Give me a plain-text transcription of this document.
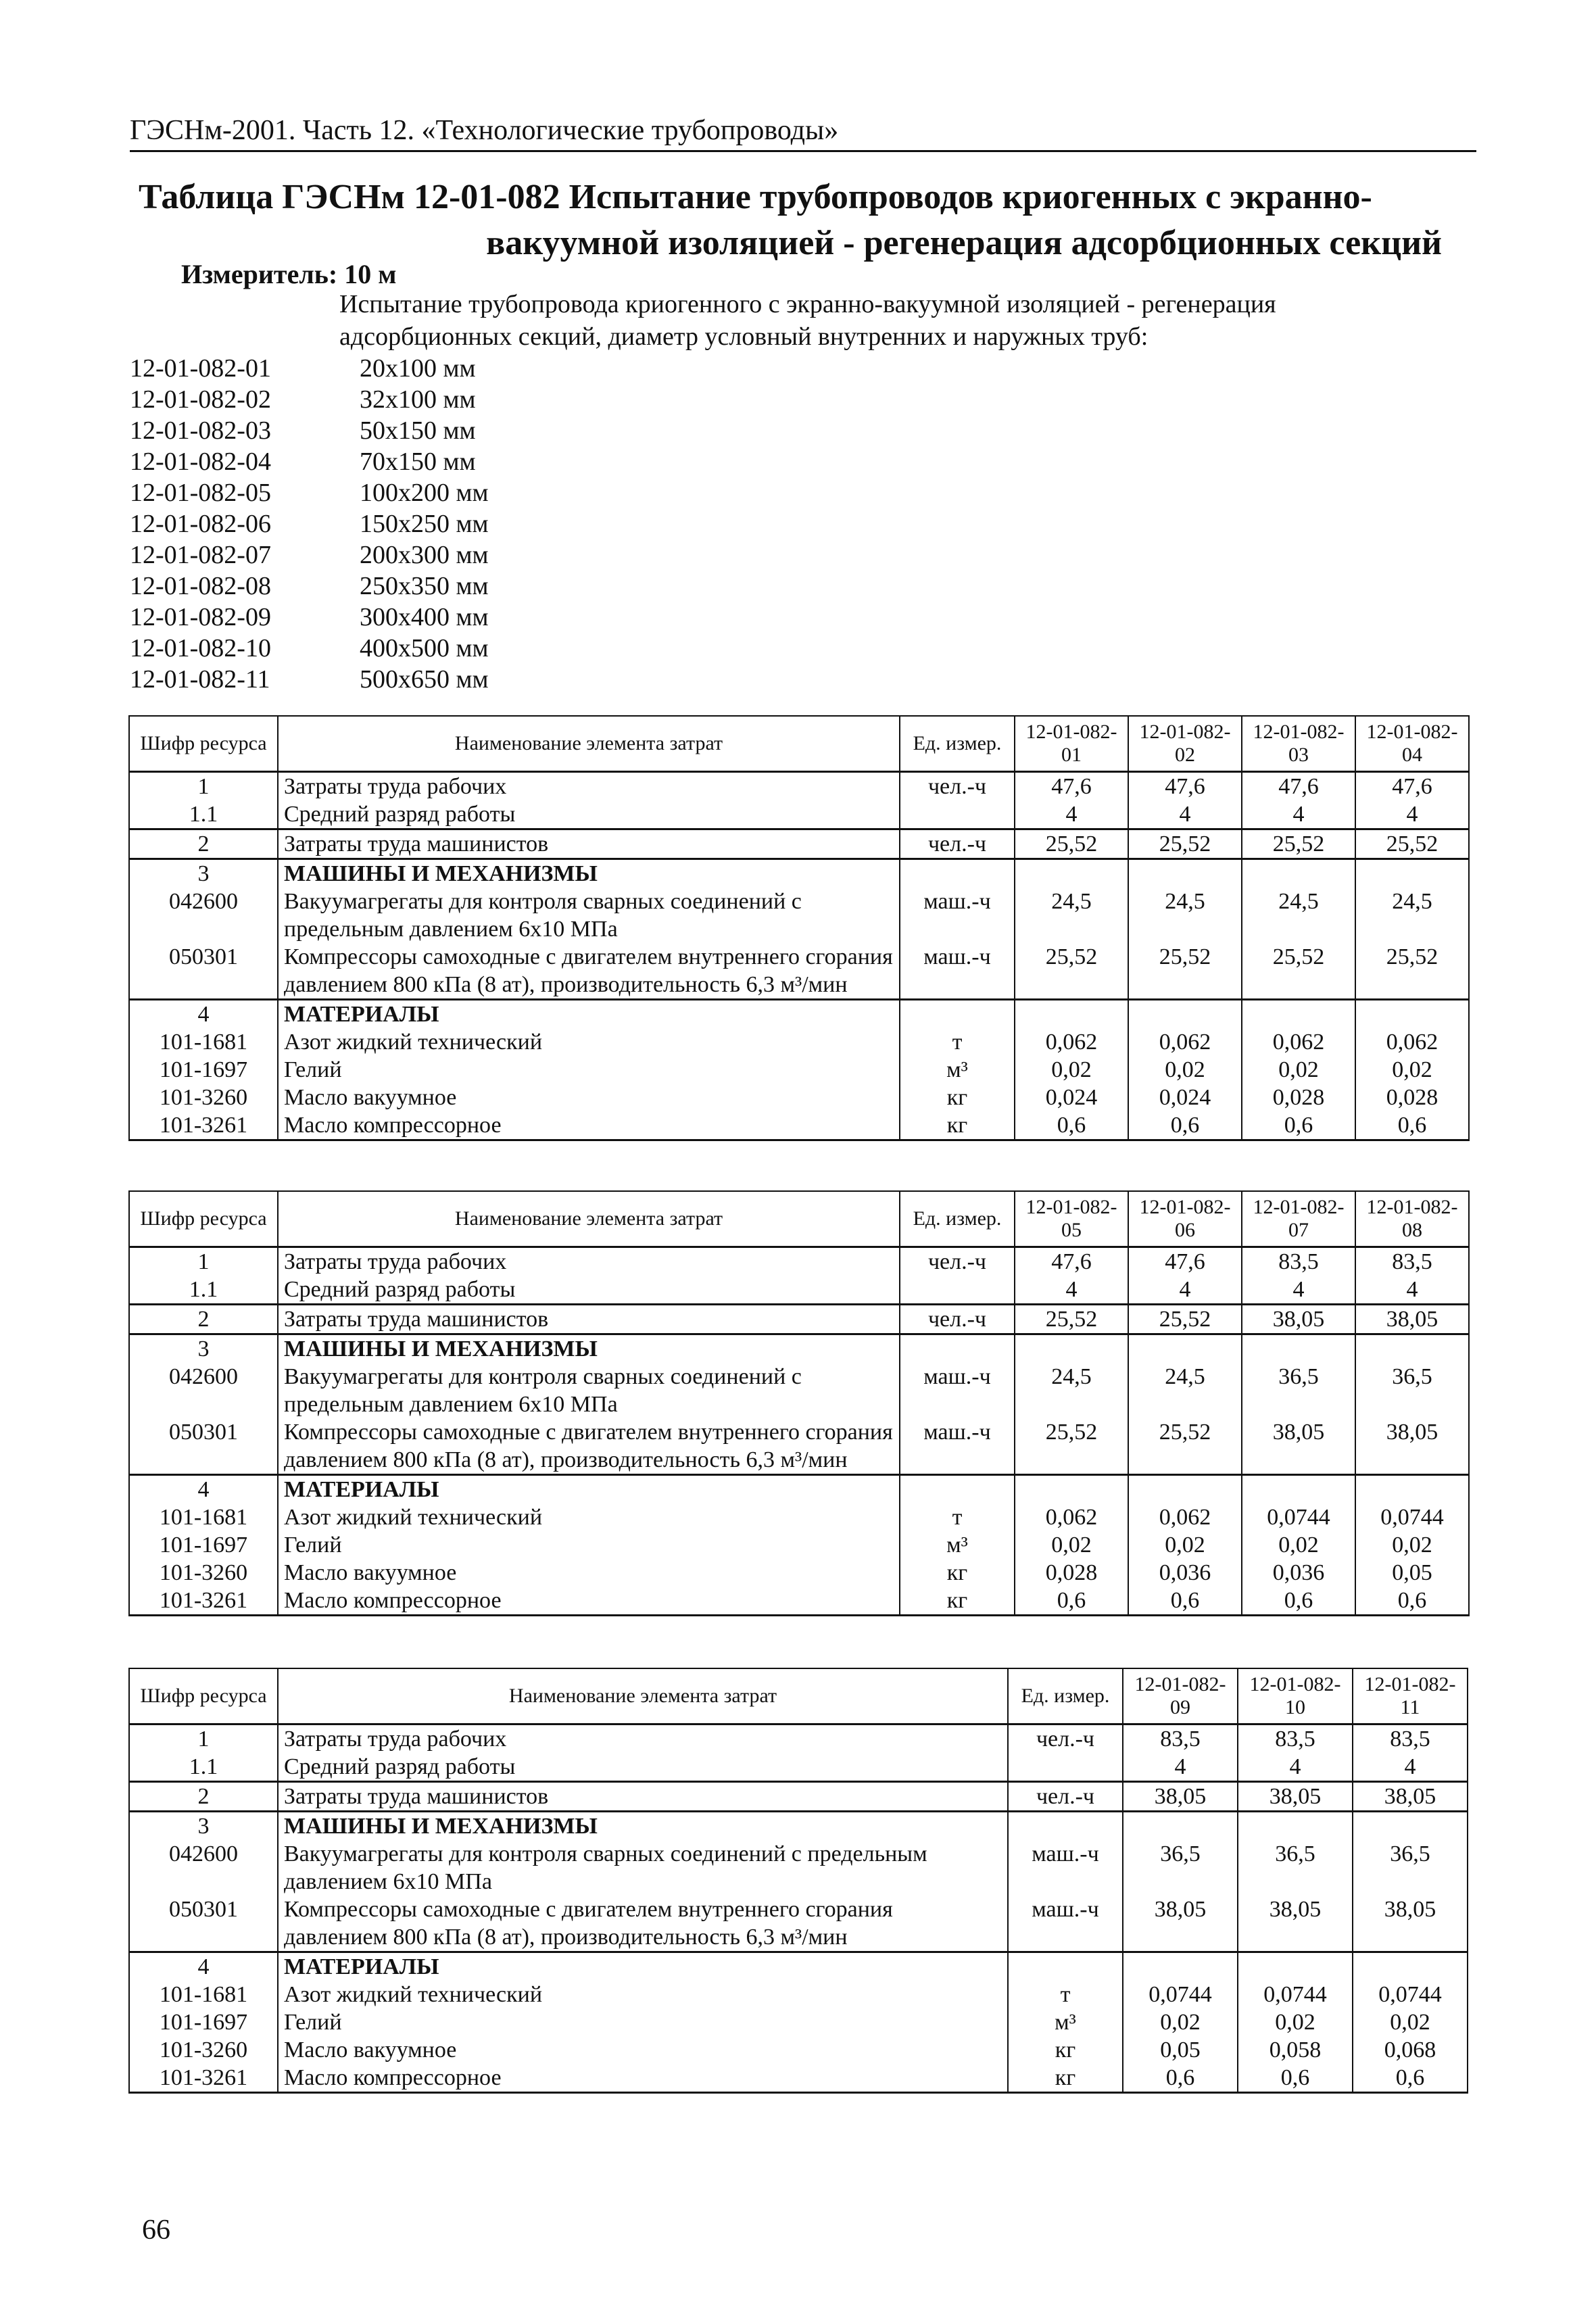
ГЭСНм-2001. Часть 12. «Технологические трубопроводы»
Таблица ГЭСНм 12-01-082 Испытание трубопроводов криогенных с экранно-
вакуумной изоляцией - регенерация адсорбционных секций
Измеритель: 10 м
Испытание трубопровода криогенного с экранно-вакуумной изоляцией - регенерация адсорбционных секций, диаметр условный внутренних и наружных труб:
12-01-082-01	20x100 мм
12-01-082-02	32x100 мм
12-01-082-03	50x150 мм
12-01-082-04	70x150 мм
12-01-082-05	100x200 мм
12-01-082-06	150x250 мм
12-01-082-07	200x300 мм
12-01-082-08	250x350 мм
12-01-082-09	300x400 мм
12-01-082-10	400x500 мм
12-01-082-11	500x650 мм
Шифр ресурса	Наименование элемента затрат	Ед. измер.	12-01-082-01	12-01-082-02	12-01-082-03	12-01-082-04
1	Затраты труда рабочих	чел.-ч	47,6	47,6	47,6	47,6
1.1	Средний разряд работы		4	4	4	4
2	Затраты труда машинистов	чел.-ч	25,52	25,52	25,52	25,52
3	МАШИНЫ И МЕХАНИЗМЫ					
042600	Вакуумагрегаты для контроля сварных соединений с предельным давлением 6x10 МПа	маш.-ч	24,5	24,5	24,5	24,5
050301	Компрессоры самоходные с двигателем внутреннего сгорания давлением 800 кПа (8 ат), производительность 6,3 м³/мин	маш.-ч	25,52	25,52	25,52	25,52
4	МАТЕРИАЛЫ					
101-1681	Азот жидкий технический	т	0,062	0,062	0,062	0,062
101-1697	Гелий	м³	0,02	0,02	0,02	0,02
101-3260	Масло вакуумное	кг	0,024	0,024	0,028	0,028
101-3261	Масло компрессорное	кг	0,6	0,6	0,6	0,6
Шифр ресурса	Наименование элемента затрат	Ед. измер.	12-01-082-05	12-01-082-06	12-01-082-07	12-01-082-08
1	Затраты труда рабочих	чел.-ч	47,6	47,6	83,5	83,5
1.1	Средний разряд работы		4	4	4	4
2	Затраты труда машинистов	чел.-ч	25,52	25,52	38,05	38,05
3	МАШИНЫ И МЕХАНИЗМЫ					
042600	Вакуумагрегаты для контроля сварных соединений с предельным давлением 6x10 МПа	маш.-ч	24,5	24,5	36,5	36,5
050301	Компрессоры самоходные с двигателем внутреннего сгорания давлением 800 кПа (8 ат), производительность 6,3 м³/мин	маш.-ч	25,52	25,52	38,05	38,05
4	МАТЕРИАЛЫ					
101-1681	Азот жидкий технический	т	0,062	0,062	0,0744	0,0744
101-1697	Гелий	м³	0,02	0,02	0,02	0,02
101-3260	Масло вакуумное	кг	0,028	0,036	0,036	0,05
101-3261	Масло компрессорное	кг	0,6	0,6	0,6	0,6
Шифр ресурса	Наименование элемента затрат	Ед. измер.	12-01-082-09	12-01-082-10	12-01-082-11
1	Затраты труда рабочих	чел.-ч	83,5	83,5	83,5
1.1	Средний разряд работы		4	4	4
2	Затраты труда машинистов	чел.-ч	38,05	38,05	38,05
3	МАШИНЫ И МЕХАНИЗМЫ				
042600	Вакуумагрегаты для контроля сварных соединений с предельным давлением 6x10 МПа	маш.-ч	36,5	36,5	36,5
050301	Компрессоры самоходные с двигателем внутреннего сгорания давлением 800 кПа (8 ат), производительность 6,3 м³/мин	маш.-ч	38,05	38,05	38,05
4	МАТЕРИАЛЫ				
101-1681	Азот жидкий технический	т	0,0744	0,0744	0,0744
101-1697	Гелий	м³	0,02	0,02	0,02
101-3260	Масло вакуумное	кг	0,05	0,058	0,068
101-3261	Масло компрессорное	кг	0,6	0,6	0,6
66
